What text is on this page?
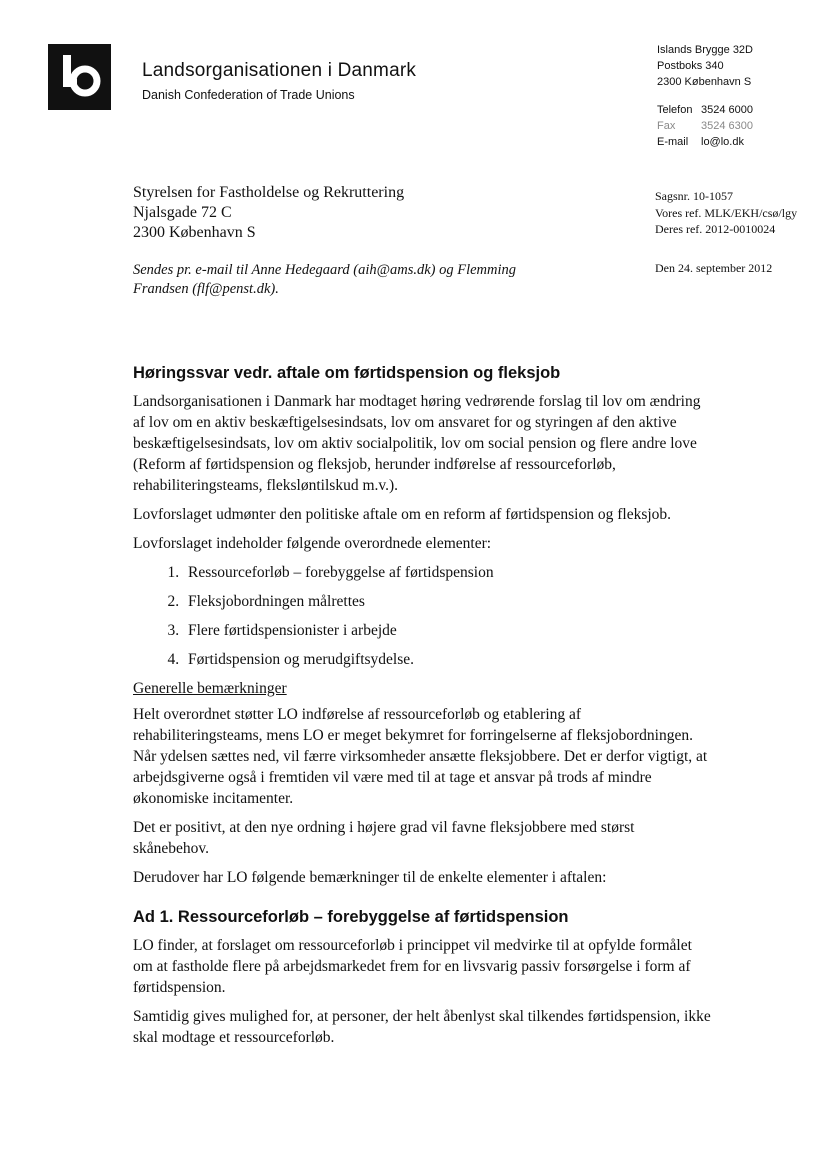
Landsorganisationen i Danmark
Danish Confederation of Trade Unions
Islands Brygge 32D
Postboks 340
2300 København S
Telefon 3524 6000
Fax	3524 6300
E-mail	lo@lo.dk
Styrelsen for Fastholdelse og Rekruttering
Njalsgade 72 C
2300 København S
Sagsnr. 10-1057
Vores ref. MLK/EKH/csø/lgy
Deres ref. 2012-0010024
Sendes pr. e-mail til Anne Hedegaard (aih@ams.dk) og Flemming Frandsen (flf@penst.dk).
Den 24. september 2012
Høringssvar vedr. aftale om førtidspension og fleksjob

Landsorganisationen i Danmark har modtaget høring vedrørende forslag til lov om ændring af lov om en aktiv beskæftigelsesindsats, lov om ansvaret for og styringen af den aktive beskæftigelsesindsats, lov om aktiv socialpolitik, lov om social pension og flere andre love (Reform af førtidspension og fleksjob, herunder indførelse af ressourceforløb, rehabiliteringsteams, fleksløntilskud m.v.).

Lovforslaget udmønter den politiske aftale om en reform af førtidspension og fleksjob.

Lovforslaget indeholder følgende overordnede elementer:

1. Ressourceforløb – forebyggelse af førtidspension
2. Fleksjobordningen målrettes
3. Flere førtidspensionister i arbejde
4. Førtidspension og merudgiftsydelse.

Generelle bemærkninger

Helt overordnet støtter LO indførelse af ressourceforløb og etablering af rehabiliteringsteams, mens LO er meget bekymret for forringelserne af fleksjobordningen. Når ydelsen sættes ned, vil færre virksomheder ansætte fleksjobbere. Det er derfor vigtigt, at arbejdsgiverne også i fremtiden vil være med til at tage et ansvar på trods af mindre økonomiske incitamenter.

Det er positivt, at den nye ordning i højere grad vil favne fleksjobbere med størst skånebehov.

Derudover har LO følgende bemærkninger til de enkelte elementer i aftalen:

Ad 1. Ressourceforløb – forebyggelse af førtidspension

LO finder, at forslaget om ressourceforløb i princippet vil medvirke til at opfylde formålet om at fastholde flere på arbejdsmarkedet frem for en livsvarig passiv forsørgelse i form af førtidspension.

Samtidig gives mulighed for, at personer, der helt åbenlyst skal tilkendes førtidspension, ikke skal modtage et ressourceforløb.
